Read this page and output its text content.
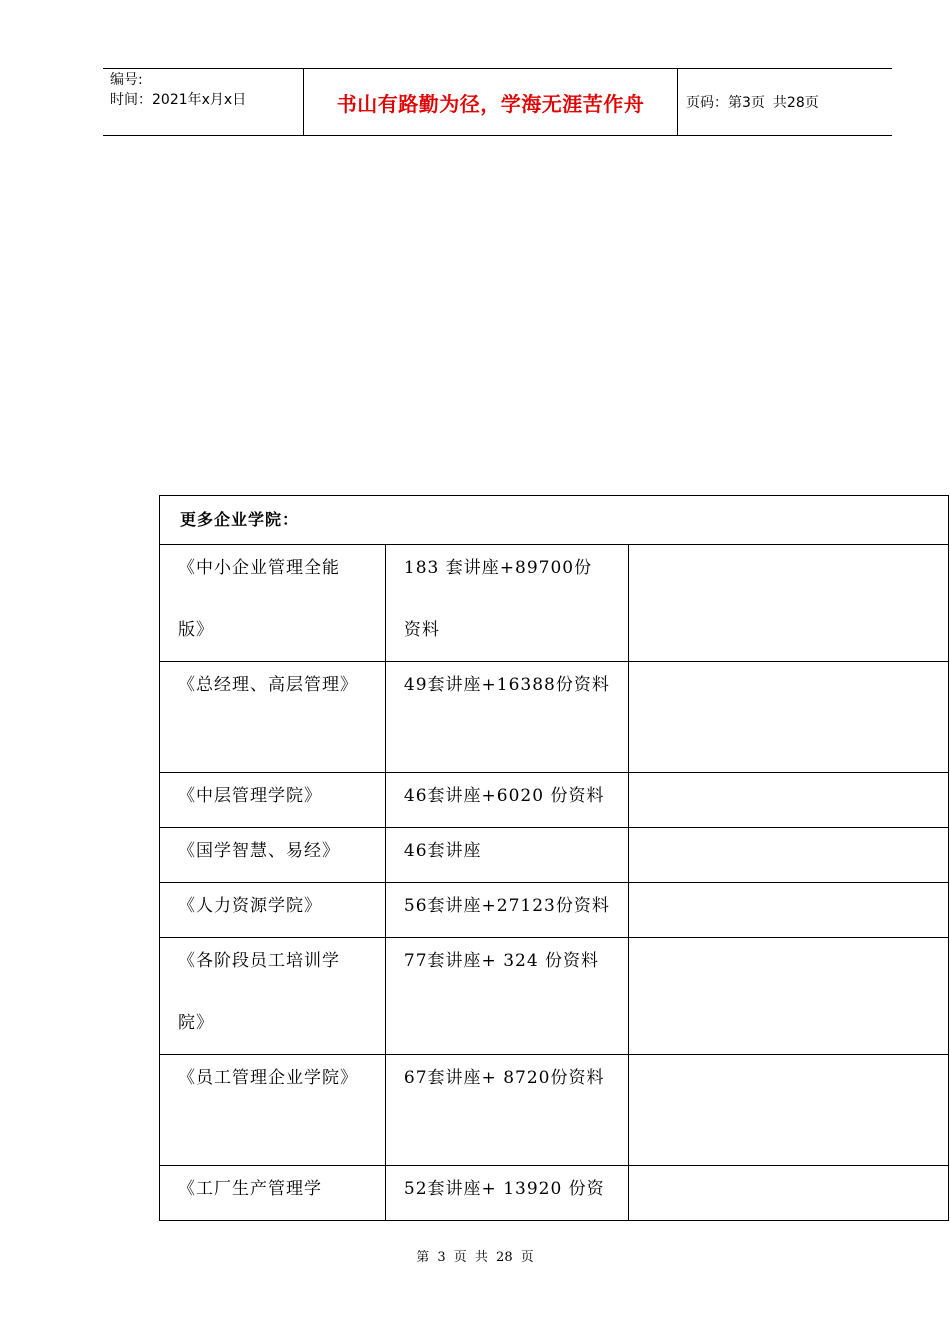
编号:
时间：2021年x月x日	书山有路勤为径，学海无涯苦作舟	页码：第3页 共28页
更多企业学院：		

《中小企业管理全能版》	183 套讲座+89700份资料	

《总经理、高层管理》	49套讲座+16388份资料	

《中层管理学院》	46套讲座+6020 份资料	

《国学智慧、易经》	46套讲座	

《人力资源学院》	56套讲座+27123份资料	

《各阶段员工培训学院》	77套讲座+ 324 份资料	

《员工管理企业学院》	67套讲座+ 8720份资料	

《工厂生产管理学	52套讲座+ 13920 份资	

第 3 页 共 28 页
